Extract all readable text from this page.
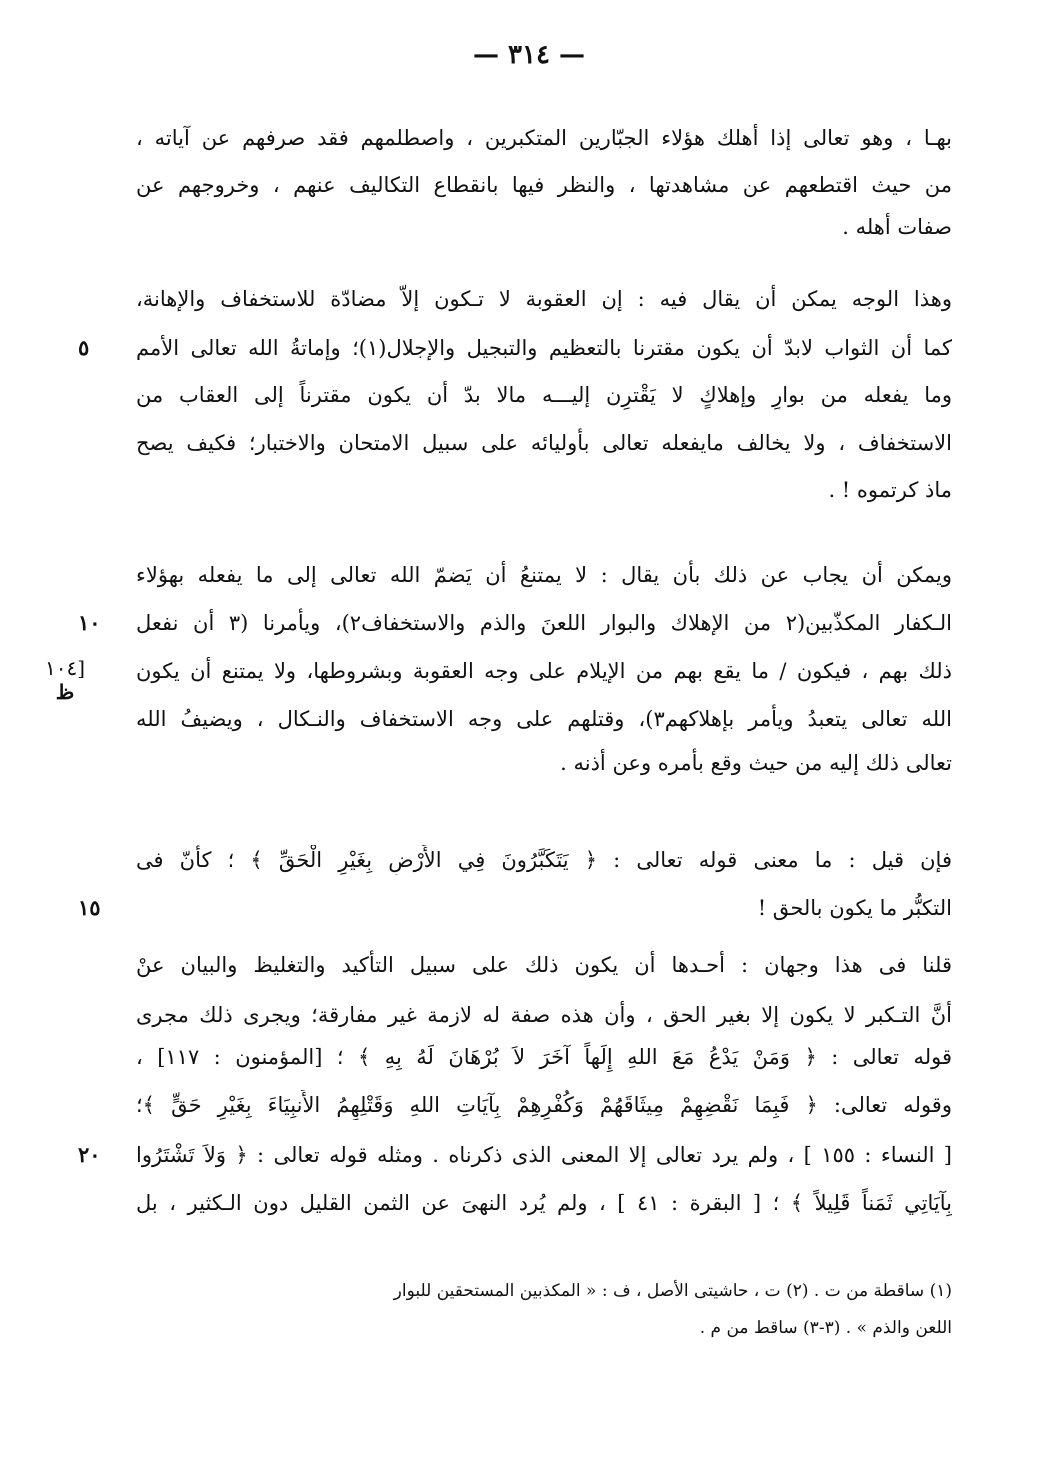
— ٣١٤ —
بهـا ، وهو تعالى إذا أهلك هؤلاء الجبّارين المتكبرين ، واصطلمهم فقد صرفهم عن آياته ،
من حيث اقتطعهم عن مشاهدتها ، والنظر فيها بانقطاع التكاليف عنهم ، وخروجهم عن
صفات أهله .
وهذا الوجه يمكن أن يقال فيه : إن العقوبة لا تـكون إلاّ مضادّة للاستخفاف والإهانة،
كما أن الثواب لابدّ أن يكون مقترنا بالتعظيم والتبجيل والإجلال(١)؛ وإماتةُ الله تعالى الأمم
وما يفعله من بوارٍ وإهلاكٍ لا يَقْترِن إليـــه مالا بدّ أن يكون مقترناً إلى العقاب من
الاستخفاف ، ولا يخالف مايفعله تعالى بأوليائه على سبيل الامتحان والاختبار؛ فكيف يصح
ماذ كرتموه ! .
ويمكن أن يجاب عن ذلك بأن يقال : لا يمتنعُ أن يَضمّ الله تعالى إلى ما يفعله بهؤلاء
الـكفار المكذّبين(٢ من الإهلاك والبوار اللعنَ والذم والاستخفاف٢)، ويأمرنا (٣ أن نفعل
ذلك بهم ، فيكون / ما يقع بهم من الإيلام على وجه العقوبة وبشروطها، ولا يمتنع أن يكون
الله تعالى يتعبدُ ويأمر بإهلاكهم٣)، وقتلهم على وجه الاستخفاف والنـكال ، ويضيفُ الله
تعالى ذلك إليه من حيث وقع بأمره وعن أذنه .
فإن قيل : ما معنى قوله تعالى : ﴿ يَتَكَبَّرُونَ فِي الأَرْضِ بِغَيْرِ الْحَقِّ ﴾ ؛ كأنّ فى
التكبُّر ما يكون بالحق !
قلنا فى هذا وجهان : أحـدها أن يكون ذلك على سبيل التأكيد والتغليظ والبيان عنْ
أنَّ التـكبر لا يكون إلا بغير الحق ، وأن هذه صفة له لازمة غير مفارقة؛ ويجرى ذلك مجرى
قوله تعالى : ﴿ وَمَنْ يَدْعُ مَعَ اللهِ إِلَهاً آخَرَ لاَ بُرْهَانَ لَهُ بِهِ ﴾ ؛ [المؤمنون : ١١٧] ،
وقوله تعالى: ﴿ فَبِمَا نَقْضِهِمْ مِيثَاقَهُمْ وَكُفْرِهِمْ بِآيَاتِ اللهِ وَقَتْلِهِمُ الأَنبِيَاءَ بِغَيْرِ حَقٍّ ﴾؛
[ النساء : ١٥٥ ] ، ولم يرد تعالى إلا المعنى الذى ذكرناه . ومثله قوله تعالى : ﴿ وَلاَ تَشْتَرُوا
بِآيَاتِي ثَمَناً قَلِيلاً ﴾ ؛ [ البقرة : ٤١ ] ، ولم يُرد النهىَ عن الثمن القليل دون الـكثير ، بل
٥
١٠
١٥
٢٠
[١٠٤
ظ
(١) ساقطة من ت . (٢) ت ، حاشيتى الأصل ، ف : « المكذبين المستحقين للبوار
اللعن والذم » . (٣-٣) ساقط من م .
